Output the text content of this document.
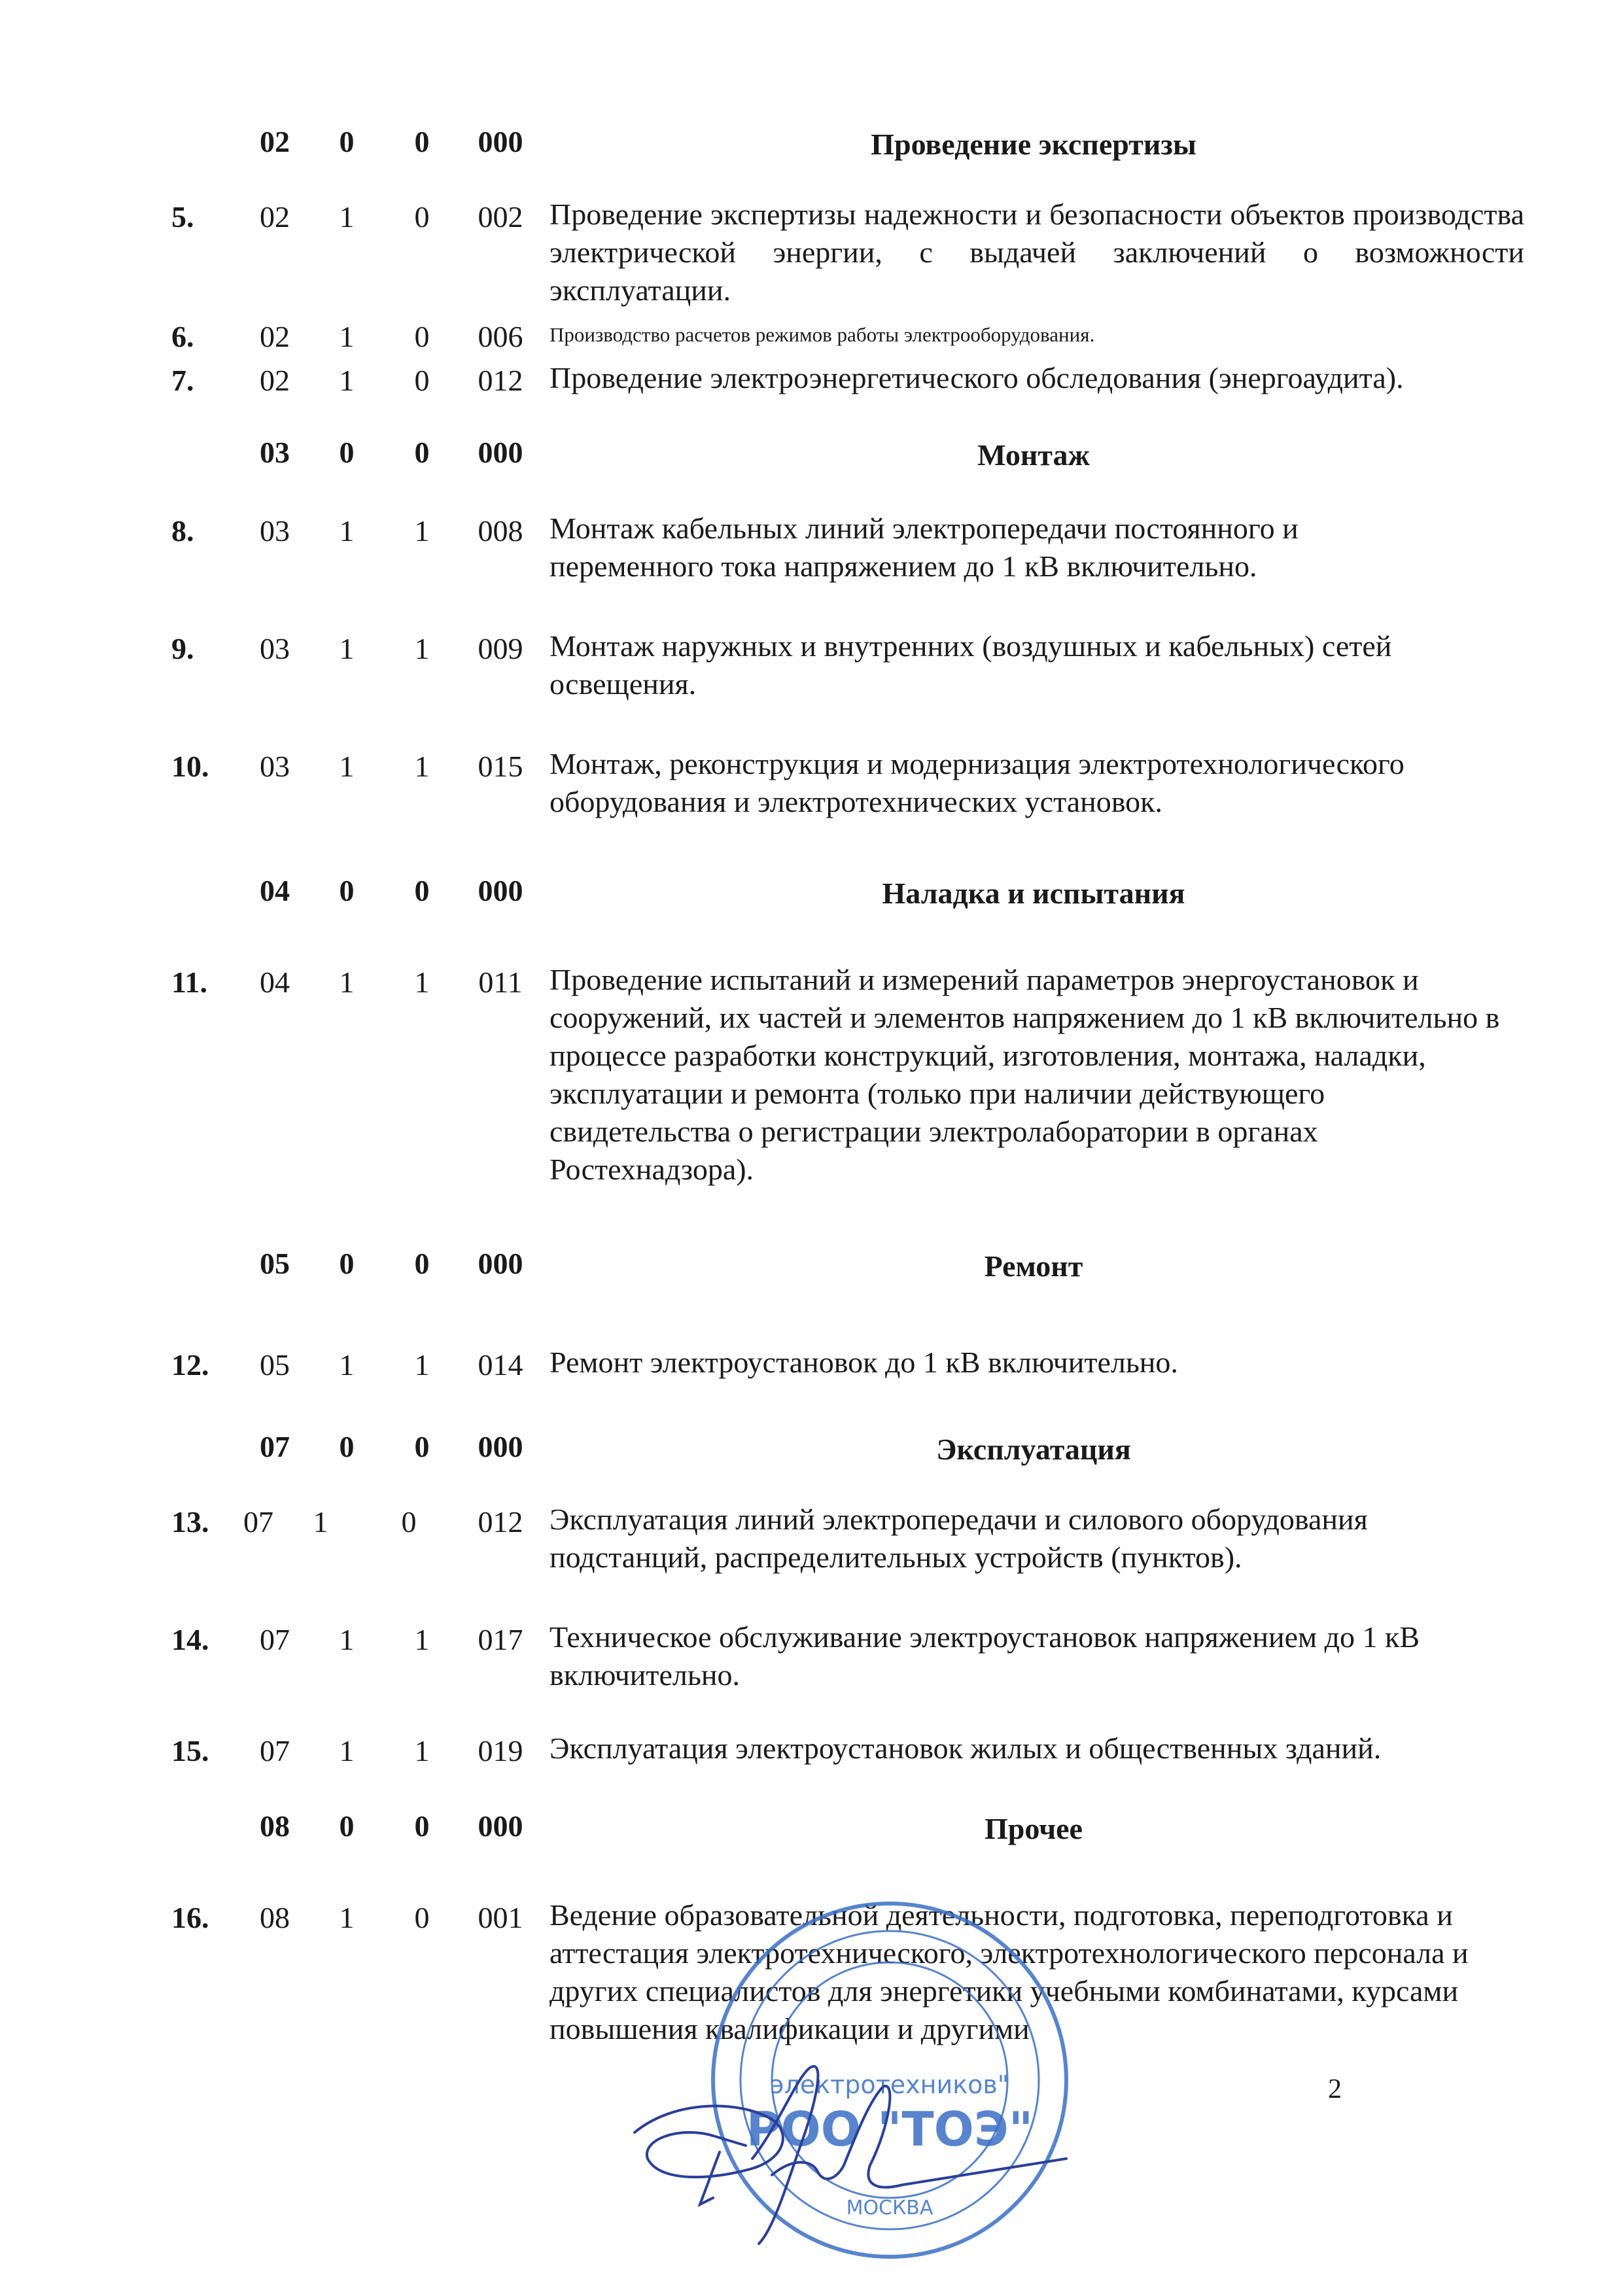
02	0	0	000	Проведение экспертизы
5.	02	1	0	002 Проведение экспертизы надежности и безопасности объектов производства электрической энергии, с выдачей заключений о возможности эксплуатации.
6.	02	1	0	006	Производство расчетов режимов работы электрооборудования.
7.	02	1	0	012 Проведение электроэнергетического обследования (энергоаудита).
03	0	0	000	Монтаж
8.	03	1	1	008 Монтаж кабельных линий электропередачи постоянного и переменного тока напряжением до 1 кВ включительно.
9.	03	1	1	009 Монтаж наружных и внутренних (воздушных и кабельных) сетей освещения.
10.	03	1	1	015 Монтаж, реконструкция и модернизация электротехнологического оборудования и электротехнических установок.
04	0	0	000	Наладка и испытания
11.	04	1	1	011 Проведение испытаний и измерений параметров энергоустановок и сооружений, их частей и элементов напряжением до 1 кВ включительно в процессе разработки конструкций, изготовления, монтажа, наладки, эксплуатации и ремонта (только при наличии действующего свидетельства о регистрации электролаборатории в органах Ростехнадзора).
05	0	0	000	Ремонт
12.	05	1	1	014 Ремонт электроустановок до 1 кВ включительно.
07	0	0	000	Эксплуатация
13.	07	1	0	012 Эксплуатация линий электропередачи и силового оборудования подстанций, распределительных устройств (пунктов).
14.	07	1	1	017 Техническое обслуживание электроустановок напряжением до 1 кВ включительно.
15.	07	1	1	019 Эксплуатация электроустановок жилых и общественных зданий.
08	0	0	000	Прочее
16.	08	1	0	001 Ведение образовательной деятельности, подготовка, переподготовка и аттестация электротехнического, электротехнологического персонала и других специалистов для энергетики учебными комбинатами, курсами повышения квалификации и другими
электротехников"
РОО "ТОЭ"
МОСКВА
2
